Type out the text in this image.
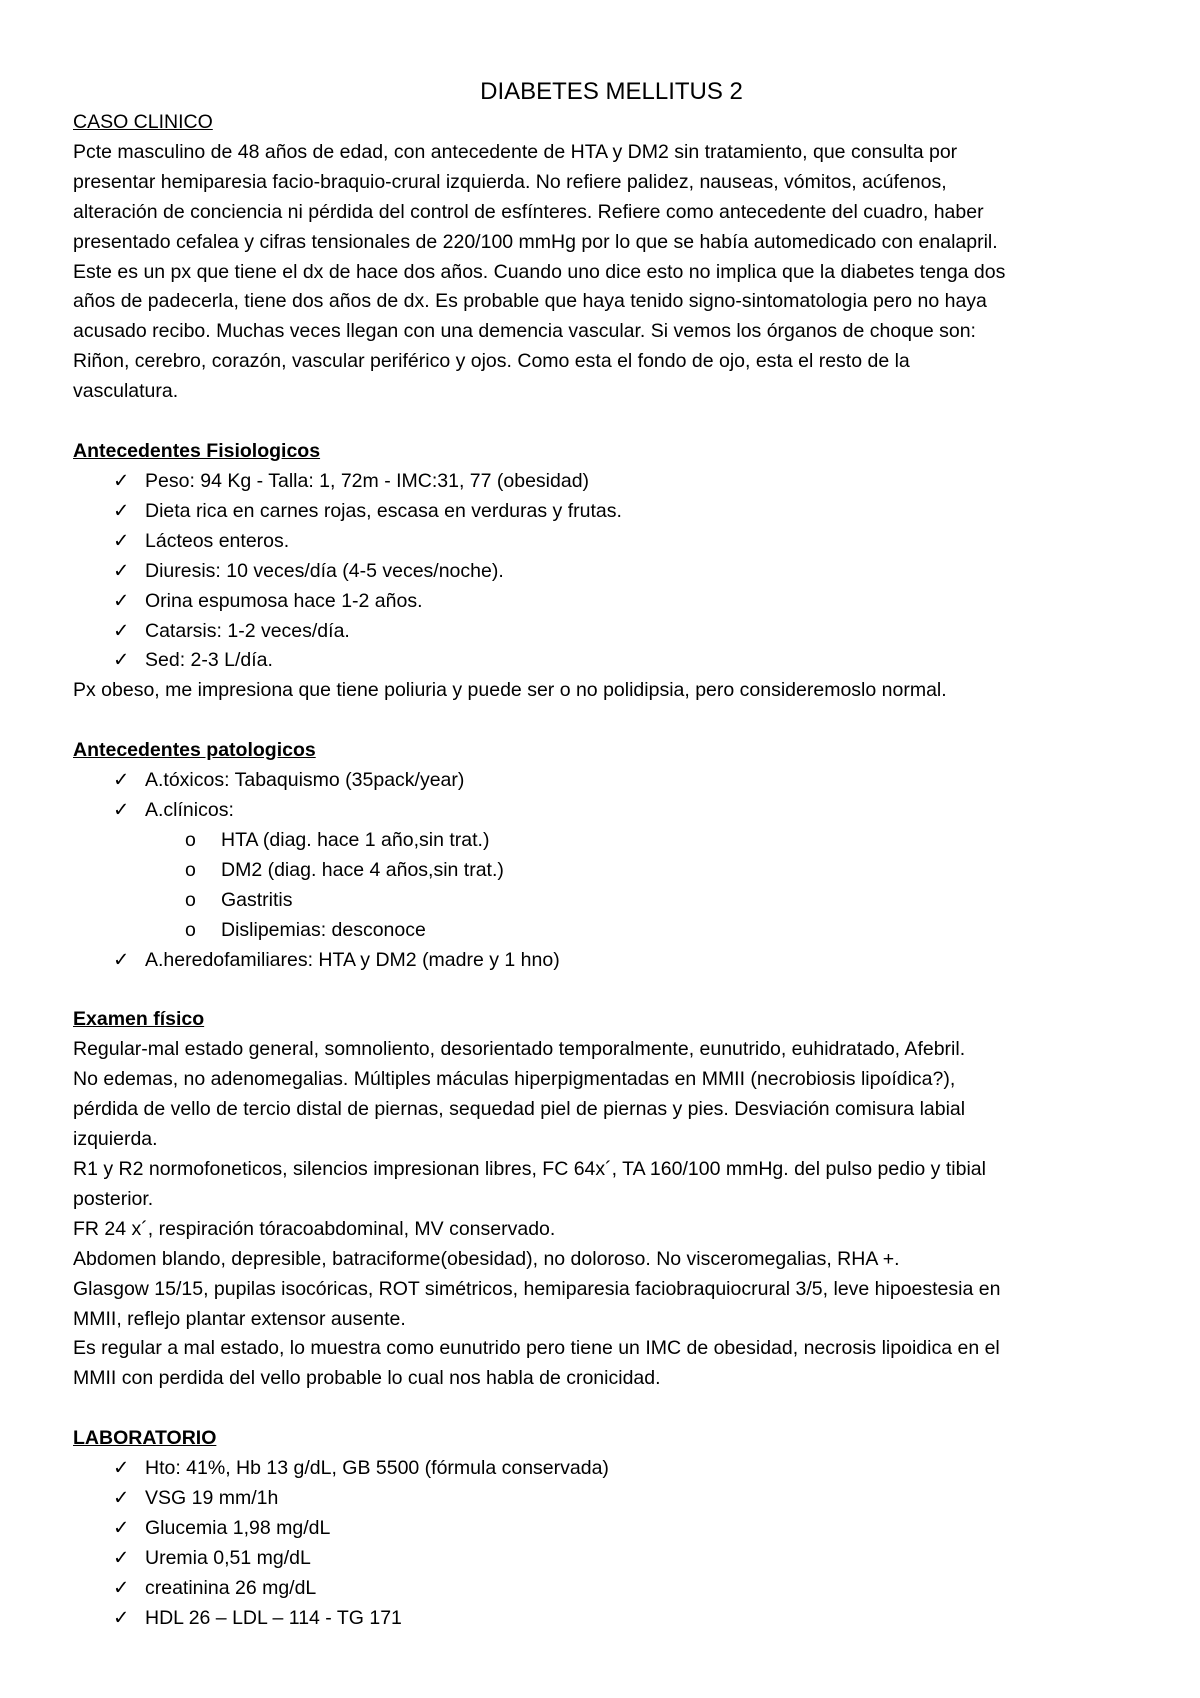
DIABETES MELLITUS 2

CASO CLINICO

Pcte masculino de 48 años de edad, con antecedente de HTA y DM2 sin tratamiento, que consulta por

presentar hemiparesia facio-braquio-crural izquierda. No refiere palidez, nauseas, vómitos, acúfenos,

alteración de conciencia ni pérdida del control de esfínteres. Refiere como antecedente del cuadro, haber

presentado cefalea y cifras tensionales de 220/100 mmHg por lo que se había automedicado con enalapril.

Este es un px que tiene el dx de hace dos años. Cuando uno dice esto no implica que la diabetes tenga dos

años de padecerla, tiene dos años de dx. Es probable que haya tenido signo-sintomatologia pero no haya

acusado recibo. Muchas veces llegan con una demencia vascular. Si vemos los órganos de choque son:

Riñon, cerebro, corazón, vascular periférico y ojos. Como esta el fondo de ojo, esta el resto de la

vasculatura.

Antecedentes Fisiologicos

✓ Peso: 94 Kg - Talla: 1, 72m - IMC:31, 77 (obesidad)
✓ Dieta rica en carnes rojas, escasa en verduras y frutas.
✓ Lácteos enteros.
✓ Diuresis: 10 veces/día (4-5 veces/noche).
✓ Orina espumosa hace 1-2 años.
✓ Catarsis: 1-2 veces/día.
✓ Sed: 2-3 L/día.

Px obeso, me impresiona que tiene poliuria y puede ser o no polidipsia, pero consideremoslo normal.

Antecedentes patologicos

✓ A.tóxicos: Tabaquismo (35pack/year)
✓ A.clínicos:
o HTA (diag. hace 1 año,sin trat.)
o DM2 (diag. hace 4 años,sin trat.)
o Gastritis
o Dislipemias: desconoce
✓ A.heredofamiliares: HTA y DM2 (madre y 1 hno)

Examen físico

Regular-mal estado general, somnoliento, desorientado temporalmente, eunutrido, euhidratado, Afebril.

No edemas, no adenomegalias. Múltiples máculas hiperpigmentadas en MMII (necrobiosis lipoídica?),

pérdida de vello de tercio distal de piernas, sequedad piel de piernas y pies. Desviación comisura labial

izquierda.

R1 y R2 normofoneticos, silencios impresionan libres, FC 64x´, TA 160/100 mmHg. del pulso pedio y tibial

posterior.

FR 24 x´, respiración tóracoabdominal, MV conservado.

Abdomen blando, depresible, batraciforme(obesidad), no doloroso. No visceromegalias, RHA +.

Glasgow 15/15, pupilas isocóricas, ROT simétricos, hemiparesia faciobraquiocrural 3/5, leve hipoestesia en

MMII, reflejo plantar extensor ausente.

Es regular a mal estado, lo muestra como eunutrido pero tiene un IMC de obesidad, necrosis lipoidica en el

MMII con perdida del vello probable lo cual nos habla de cronicidad.

LABORATORIO

✓ Hto: 41%, Hb 13 g/dL, GB 5500 (fórmula conservada)
✓ VSG 19 mm/1h
✓ Glucemia 1,98 mg/dL
✓ Uremia 0,51 mg/dL
✓ creatinina 26 mg/dL
✓ HDL 26 – LDL – 114 - TG 171
